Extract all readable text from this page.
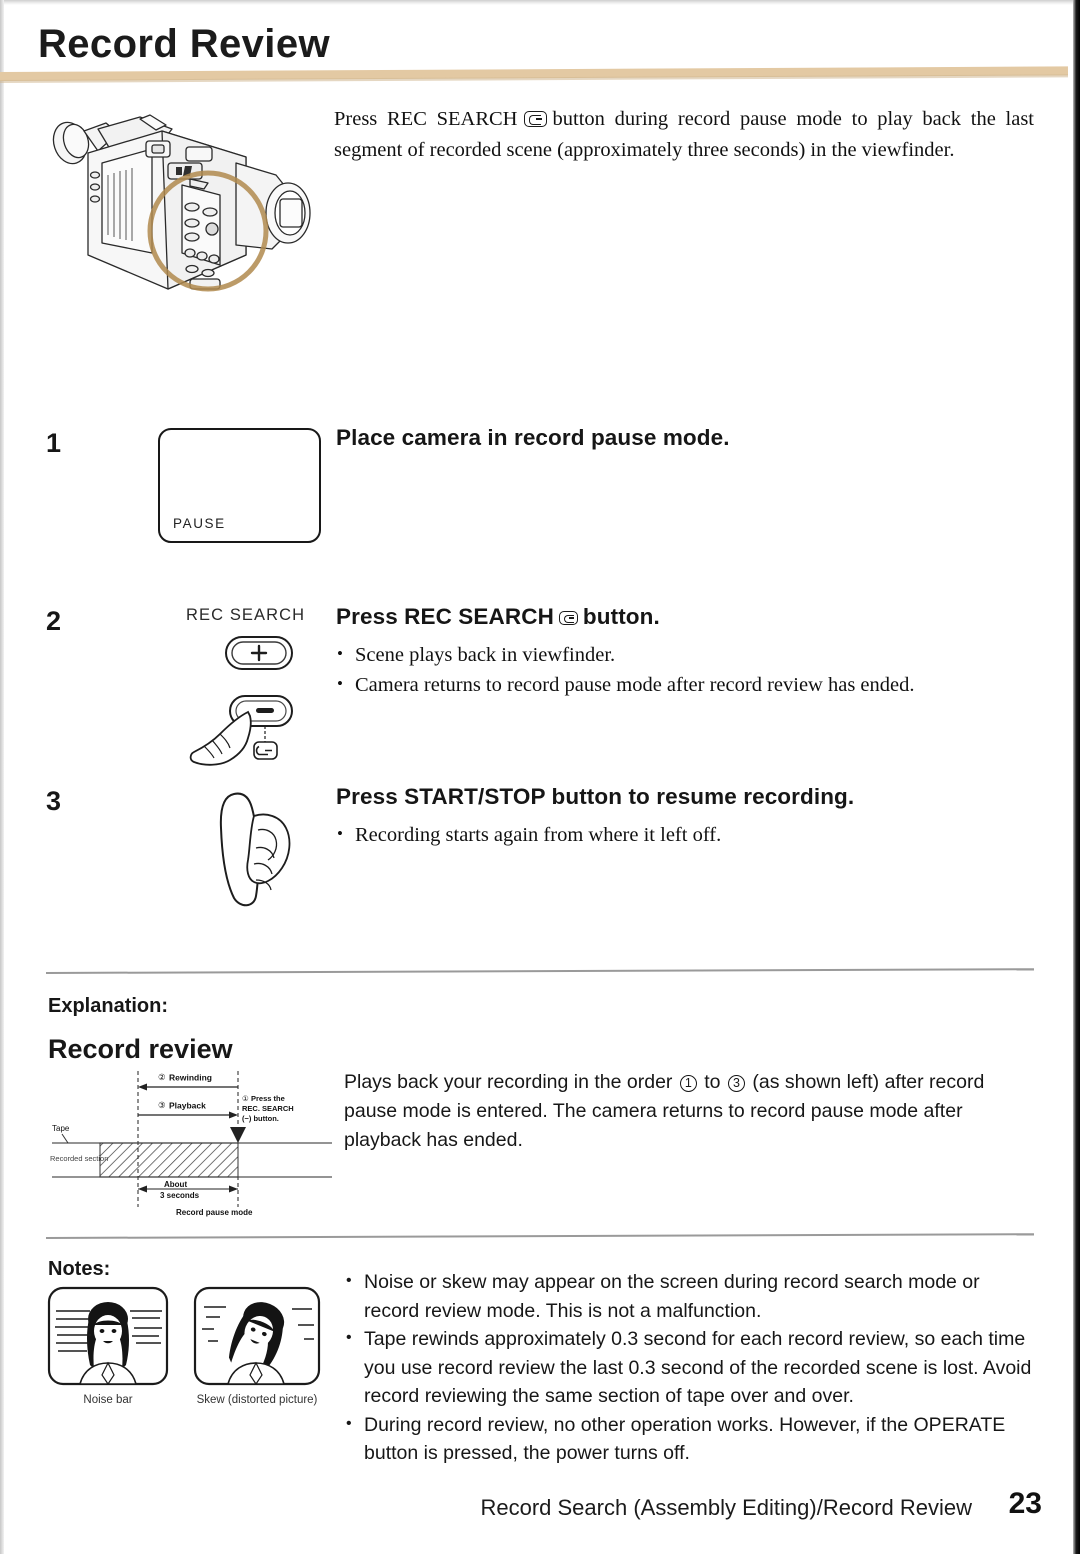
Record Review
Press REC SEARCH button during record pause mode to play back the last segment of recorded scene (approximately three seconds) in the viewfinder.
1
PAUSE
Place camera in record pause mode.
2	REC SEARCH Press REC SEARCH button.
• Scene plays back in viewfinder.
• Camera returns to record pause mode after record review has ended.
3	Press START/STOP button to resume recording.
• Recording starts again from where it left off.
Explanation:
Record review
② Rewinding
③ Playback
① Press the
REC. SEARCH
(−) button.
Tape
Recorded section
About
3 seconds
Record pause mode
Plays back your recording in the order 1 to 3 (as shown left) after record pause mode is entered. The camera returns to record pause mode after playback has ended.
Notes:
Noise bar	Skew (distorted picture)
• Noise or skew may appear on the screen during record search mode or record review mode. This is not a malfunction.
• Tape rewinds approximately 0.3 second for each record review, so each time you use record review the last 0.3 second of the recorded scene is lost. Avoid record reviewing the same section of tape over and over.
• During record review, no other operation works. However, if the OPERATE button is pressed, the power turns off.
Record Search (Assembly Editing)/Record Review 23
